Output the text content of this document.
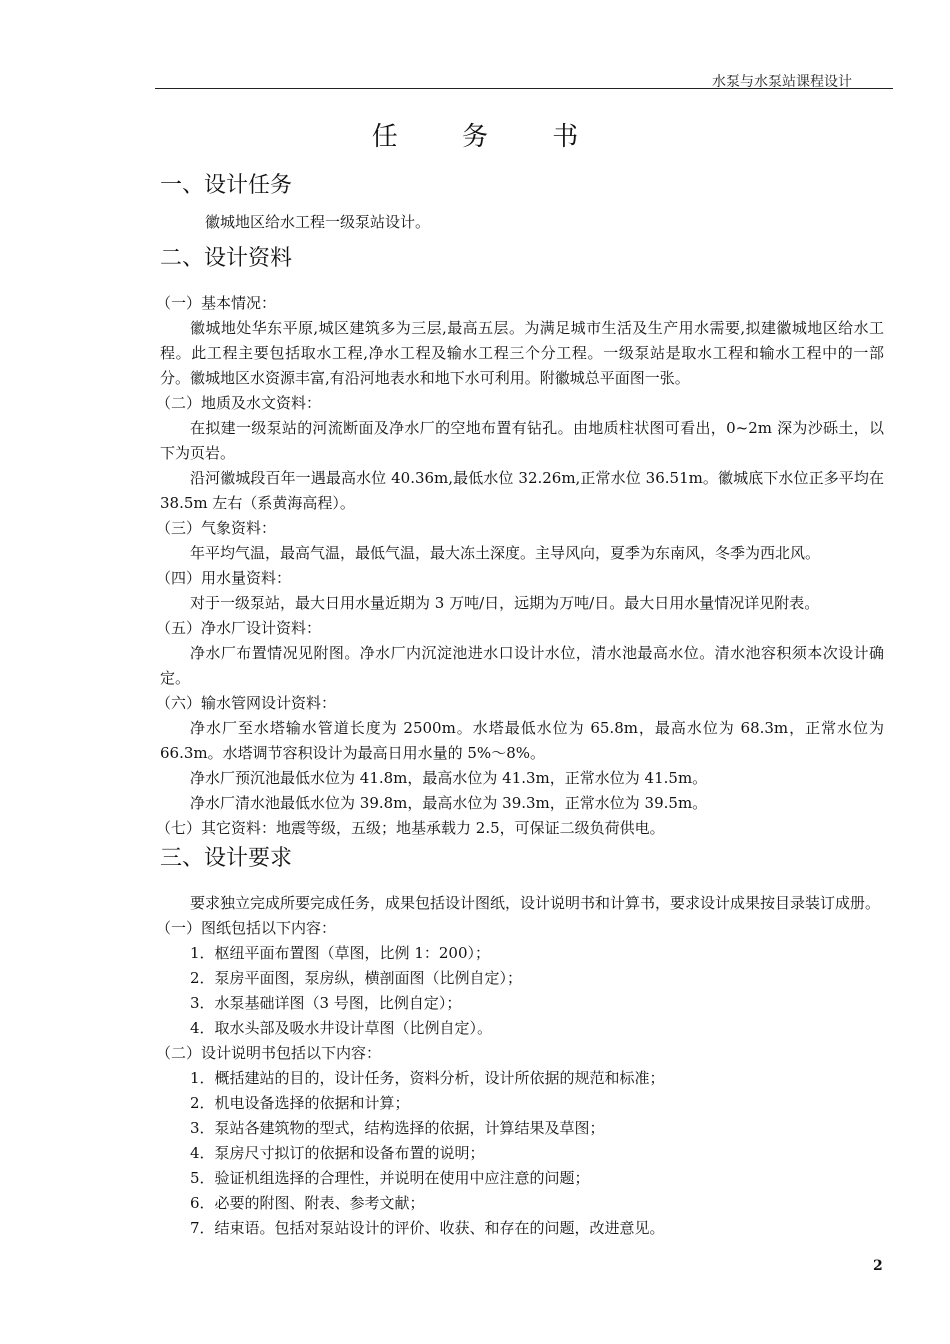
水泵与水泵站课程设计
任 务 书
一、设计任务
徽城地区给水工程一级泵站设计。
二、设计资料
（一）基本情况：
徽城地处华东平原,城区建筑多为三层,最高五层。为满足城市生活及生产用水需要,拟建徽城地区给水工程。此工程主要包括取水工程,净水工程及输水工程三个分工程。一级泵站是取水工程和输水工程中的一部分。徽城地区水资源丰富,有沿河地表水和地下水可利用。附徽城总平面图一张。
（二）地质及水文资料：
在拟建一级泵站的河流断面及净水厂的空地布置有钻孔。由地质柱状图可看出，0~2m 深为沙砾土，以下为页岩。
沿河徽城段百年一遇最高水位 40.36m,最低水位 32.26m,正常水位 36.51m。徽城底下水位正多平均在 38.5m 左右（系黄海高程）。
（三）气象资料：
年平均气温，最高气温，最低气温，最大冻土深度。主导风向，夏季为东南风，冬季为西北风。
（四）用水量资料：
对于一级泵站，最大日用水量近期为 3 万吨/日，远期为万吨/日。最大日用水量情况详见附表。
（五）净水厂设计资料：
净水厂布置情况见附图。净水厂内沉淀池进水口设计水位，清水池最高水位。清水池容积须本次设计确定。
（六）输水管网设计资料：
净水厂至水塔输水管道长度为 2500m。水塔最低水位为 65.8m，最高水位为 68.3m，正常水位为 66.3m。水塔调节容积设计为最高日用水量的 5%～8%。
净水厂预沉池最低水位为 41.8m，最高水位为 41.3m，正常水位为 41.5m。
净水厂清水池最低水位为 39.8m，最高水位为 39.3m，正常水位为 39.5m。
（七）其它资料：地震等级，五级；地基承载力 2.5，可保证二级负荷供电。
三、设计要求
要求独立完成所要完成任务，成果包括设计图纸，设计说明书和计算书，要求设计成果按目录装订成册。
（一）图纸包括以下内容：
1．枢纽平面布置图（草图，比例 1：200）；
2．泵房平面图，泵房纵，横剖面图（比例自定）；
3．水泵基础详图（3 号图，比例自定）；
4．取水头部及吸水井设计草图（比例自定）。
（二）设计说明书包括以下内容：
1．概括建站的目的，设计任务，资料分析，设计所依据的规范和标准；
2．机电设备选择的依据和计算；
3．泵站各建筑物的型式，结构选择的依据，计算结果及草图；
4．泵房尺寸拟订的依据和设备布置的说明；
5．验证机组选择的合理性，并说明在使用中应注意的问题；
6．必要的附图、附表、参考文献；
7．结束语。包括对泵站设计的评价、收获、和存在的问题，改进意见。
2
